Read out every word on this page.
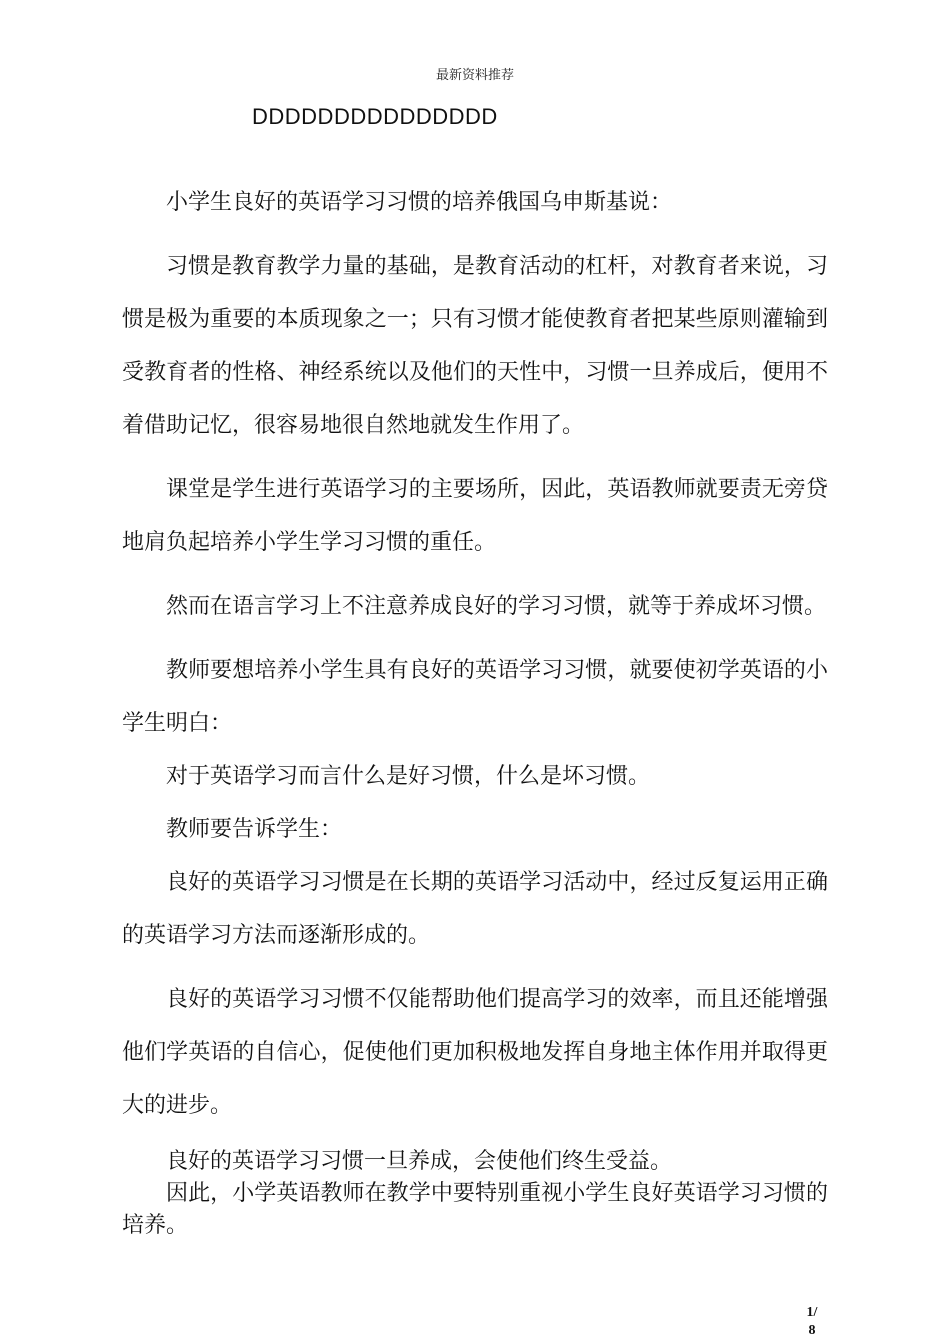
最新资料推荐
DDDDDDDDDDDDDDD

小学生良好的英语学习习惯的培养俄国乌申斯基说：

习惯是教育教学力量的基础，是教育活动的杠杆，对教育者来说，习惯是极为重要的本质现象之一；只有习惯才能使教育者把某些原则灌输到受教育者的性格、神经系统以及他们的天性中，习惯一旦养成后，便用不着借助记忆，很容易地很自然地就发生作用了。

课堂是学生进行英语学习的主要场所，因此，英语教师就要责无旁贷地肩负起培养小学生学习习惯的重任。

然而在语言学习上不注意养成良好的学习习惯，就等于养成坏习惯。

教师要想培养小学生具有良好的英语学习习惯，就要使初学英语的小学生明白：

对于英语学习而言什么是好习惯，什么是坏习惯。

教师要告诉学生：

良好的英语学习习惯是在长期的英语学习活动中，经过反复运用正确的英语学习方法而逐渐形成的。

良好的英语学习习惯不仅能帮助他们提高学习的效率，而且还能增强他们学英语的自信心，促使他们更加积极地发挥自身地主体作用并取得更大的进步。

良好的英语学习习惯一旦养成，会使他们终生受益。

因此，小学英语教师在教学中要特别重视小学生良好英语学习习惯的培养。

1/
8
